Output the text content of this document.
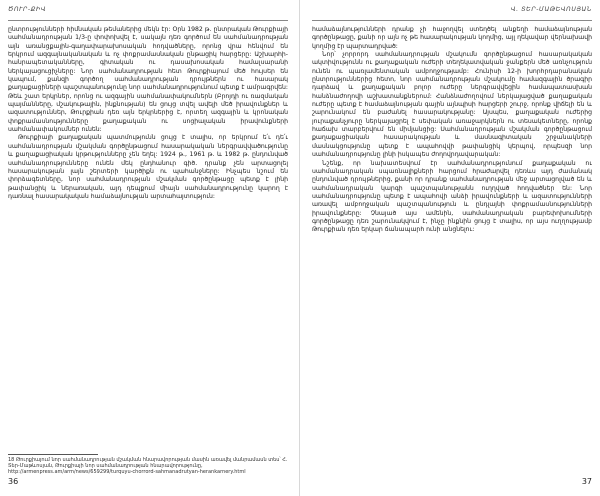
ԾՈՒՐ-ՔԻՎ

ընտրությունների հիմնական թեմաներից մեկն էր: Օրն 1982 թ. ընտրական Թուրքիայի սահմանադրության 1/3-ը փոփոխվել է, սակայն դեռ գործում են սահմանադրության այն առանցքային-գաղափարախոսական հոդվածները, որոնց վրա հենվում են երկրում ազգայնականական և ոչ փոքրամասնական ընթացիկ հարցերը: Աշխարհի-հանրապետականները, գիտական ու դասախոսական համալսարանի ներկայացուցիչները: Նոր սահմանադրության հետ Թուրքիայում մեծ հույսեր են կապում, քանզի գործող սահմանադրության դրույթներն ու հասարակ քաղաքացիների պաշտպանությունը նոր սահմանադրությունում պետք է ամրագրվեն: Թեև շատ երկրներ, որոնց ու ազգային սահմանափակումներն (Բրոյդի ու ռազմական պայմանները, մշակութային, ինքնության) են ցույց տվել ավելի մեծ իրավունքներ և ազատություններ, Թուրքիան դեռ այն երկրներից է, որտեղ ազգային և կրոնական փոքրամասնությունները քաղաքական ու սոցիալական իրավունքների սահմանափակումներ ունեն:

Թուրքիայի քաղաքական պատմությունն ցույց է տալիս, որ երկրում ե՛ւ դե՛ւ սահմանադրության մշակման գործընթացում հասարակական ներգրավվածությունը և քաղաքացիական կրթությունները չեն եղել: 1924 թ., 1961 թ. և 1982 թ. ընդունված սահմանադրությունները ունեն մեկ ընդհանուր գիծ. դրանք չեն արտացոլել հասարակության լայն շերտերի կարծիքն ու պահանջները: Ինչպես նշում են փորձագետները, նոր սահմանադրության մշակման գործընթացը պետք է լինի թափանցիկ և ներառական, այդ դեպքում միայն սահմանադրությունը կարող է դառնալ հասարակական համաձայնության արտահայտություն:

18 Թուրքիայում նոր սահմանադրության մշակման հնարավորության մասին առավել մանրամասն տես՝ Հ. Տեր-Մաթևոսյան, Թուրքիայի նոր սահմանադրության հնարավորությունը, http://armenpress.am/arm/news/659299/turquyu-chorrord-sahmanadrutyan-herankarnery.html
36
Վ. ՏԵՐ-ՄԱԹԵՎՈՍՅԱՆ

համաձայնությունների դրանք չի հաջողվել ստեղծել անքեղի համաձայնության գործընթացը, քանի որ այն ոչ թե հասարակության կողմից, այլ ղեկավար վերնախավի կողմից էր պարտադրված:

Նոր՝ չորրորդ սահմանադրության մշակումն գործընթացում հասարակական ակտիվությունն ու քաղաքական ուժերի տեղեկատվական ջանքերն մեծ առնչություն ունեն ու պառլամենտական ամբողջությամբ: Հունիսի 12-ի խորհրդարանական ընտրություններից հետո, նոր սահմանադրության մշակումը համազգային ծրագիր դարձավ և քաղաքական բոլոր ուժերը ներգրավվեցին համապատասխան հանձնաժողովի աշխատանքներում: Հանձնաժողովում ներկայացված քաղաքական ուժերը պետք է համաձայնության գային այնպիսի հարցերի շուրջ, որոնք վիճելի են և շարունակում են բաժանել հասարակությանը: Այսպես, քաղաքական ուժերից յուրաքանչյուրը ներկայացրել է սեփական առաջարկներն ու տեսակետները, որոնք հաճախ տարբերվում են միմյանցից: Սահմանադրության մշակման գործընթացում քաղաքացիական հասարակության և մասնագիտական շրջանակների մասնակցությունը պետք է ապահովվի թափանցիկ կերպով, որպեսզի նոր սահմանադրությունը լինի իսկապես ժողովրդավարական:

Նշենք, որ նախատեսվում էր սահմանադրությունում քաղաքական ու սահմանադրական սպառնալիքների հարցում հրաժարվել դեռևս այդ ժամանակ ընդունված դրույթներից, քանի որ դրանք սահմանադրության մեջ արտացոլված են և սահմանադրական կարգի պաշտպանությանն ուղղված հոդվածներ են: Նոր սահմանադրությունը պետք է ապահովի անձի իրավունքների և ազատությունների առավել ամբողջական պաշտպանություն և ընդլայնի փոքրամասնությունների իրավունքները: Չնայած այս ամենին, սահմանադրական բարեփոխումների գործընթացը դեռ շարունակվում է, ինչը ինքնին ցույց է տալիս, որ այս ուղղությամբ Թուրքիան դեռ երկար ճանապարհ ունի անցնելու:

37
